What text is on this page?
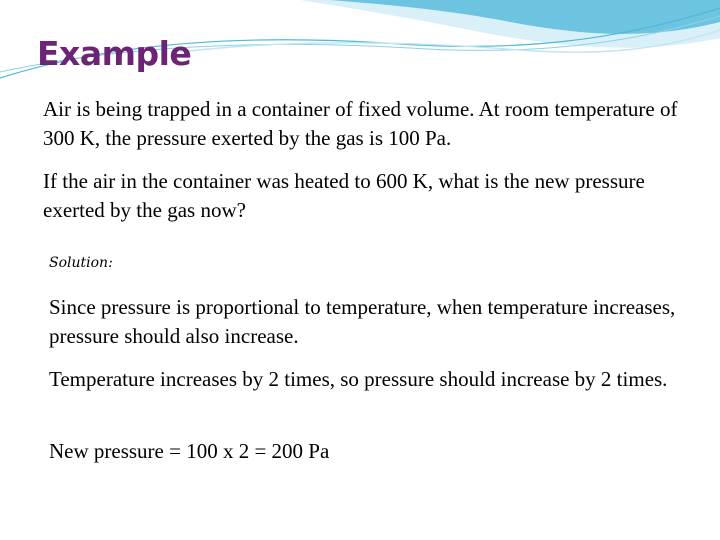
Example

Air is being trapped in a container of fixed volume. At room temperature of 300 K, the pressure exerted by the gas is 100 Pa.

If the air in the container was heated to 600 K, what is the new pressure exerted by the gas now?

Solution:

Since pressure is proportional to temperature, when temperature increases, pressure should also increase.

Temperature increases by 2 times, so pressure should increase by 2 times.

New pressure = 100 x 2 = 200 Pa
